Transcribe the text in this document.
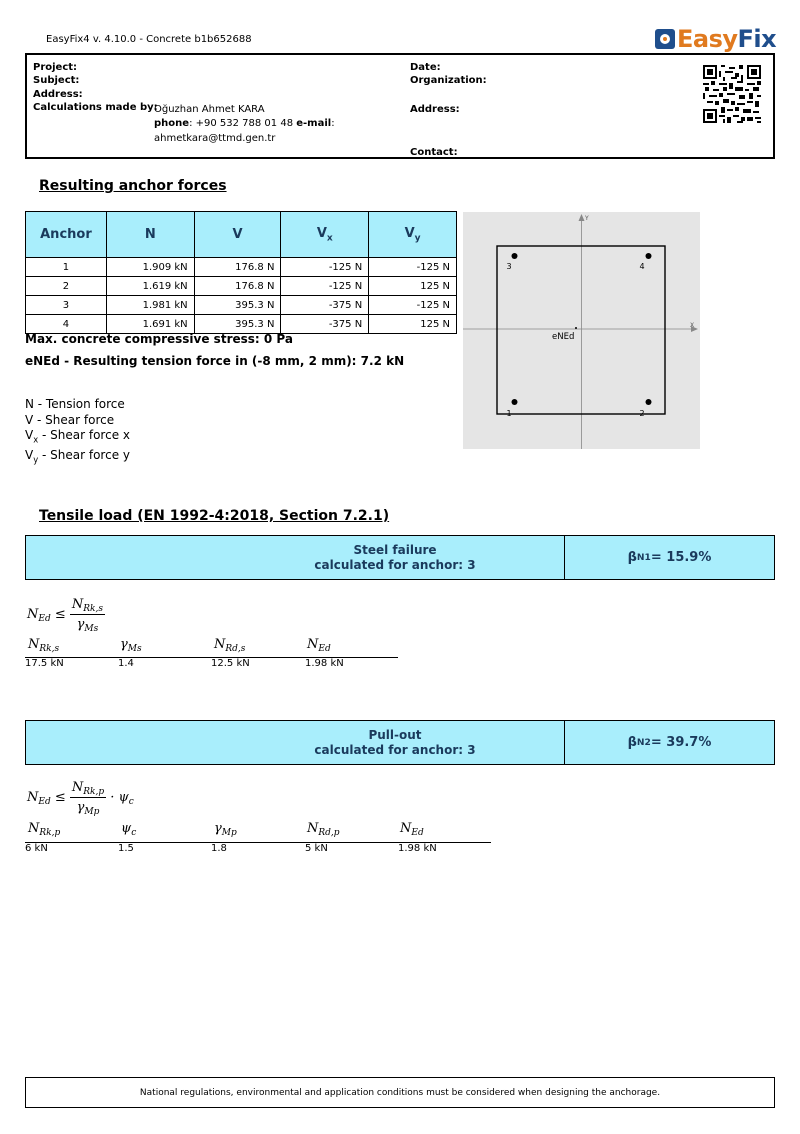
EasyFix4 v. 4.10.0 - Concrete b1b652688	EasyFix
Project:
Subject:
Address:
Calculations made by:
Oğuzhan Ahmet KARA
phone: +90 532 788 01 48 e-mail:
ahmetkara@ttmd.gen.tr
Date:
Organization:
Address:
Contact:
Resulting anchor forces
Anchor	N	V	$V_x$	$V_y$
1	1.909 kN	176.8 N	-125 N	-125 N
2	1.619 kN	176.8 N	-125 N	125 N
3	1.981 kN	395.3 N	-375 N	-125 N
4	1.691 kN	395.3 N	-375 N	125 N
Max. concrete compressive stress: 0 Pa
eNEd - Resulting tension force in (-8 mm, 2 mm): 7.2 kN
N - Tension force
V - Shear force
$V_x$ - Shear force x
$V_y$ - Shear force y
Y
X
eNEd
1	2
3	4
Tensile load (EN 1992-4:2018, Section 7.2.1)
Steel failure
calculated for anchor: 3	β N1 = 15.9%
$N_{Ed} \le \frac{N_{Rk,s}}{\gamma_{Ms}}$
$N_{Rk,s}$	$\gamma_{Ms}$	$N_{Rd,s}$	$N_{Ed}$
17.5 kN	1.4	12.5 kN	1.98 kN
Pull-out
calculated for anchor: 3	β N2 = 39.7%
$N_{Ed} \le \frac{N_{Rk,p}}{\gamma_{Mp}} \cdot \psi_c$
$N_{Rk,p}$	$\psi_c$	$\gamma_{Mp}$	$N_{Rd,p}$	$N_{Ed}$
6 kN	1.5	1.8	5 kN	1.98 kN
National regulations, environmental and application conditions must be considered when designing the anchorage.
